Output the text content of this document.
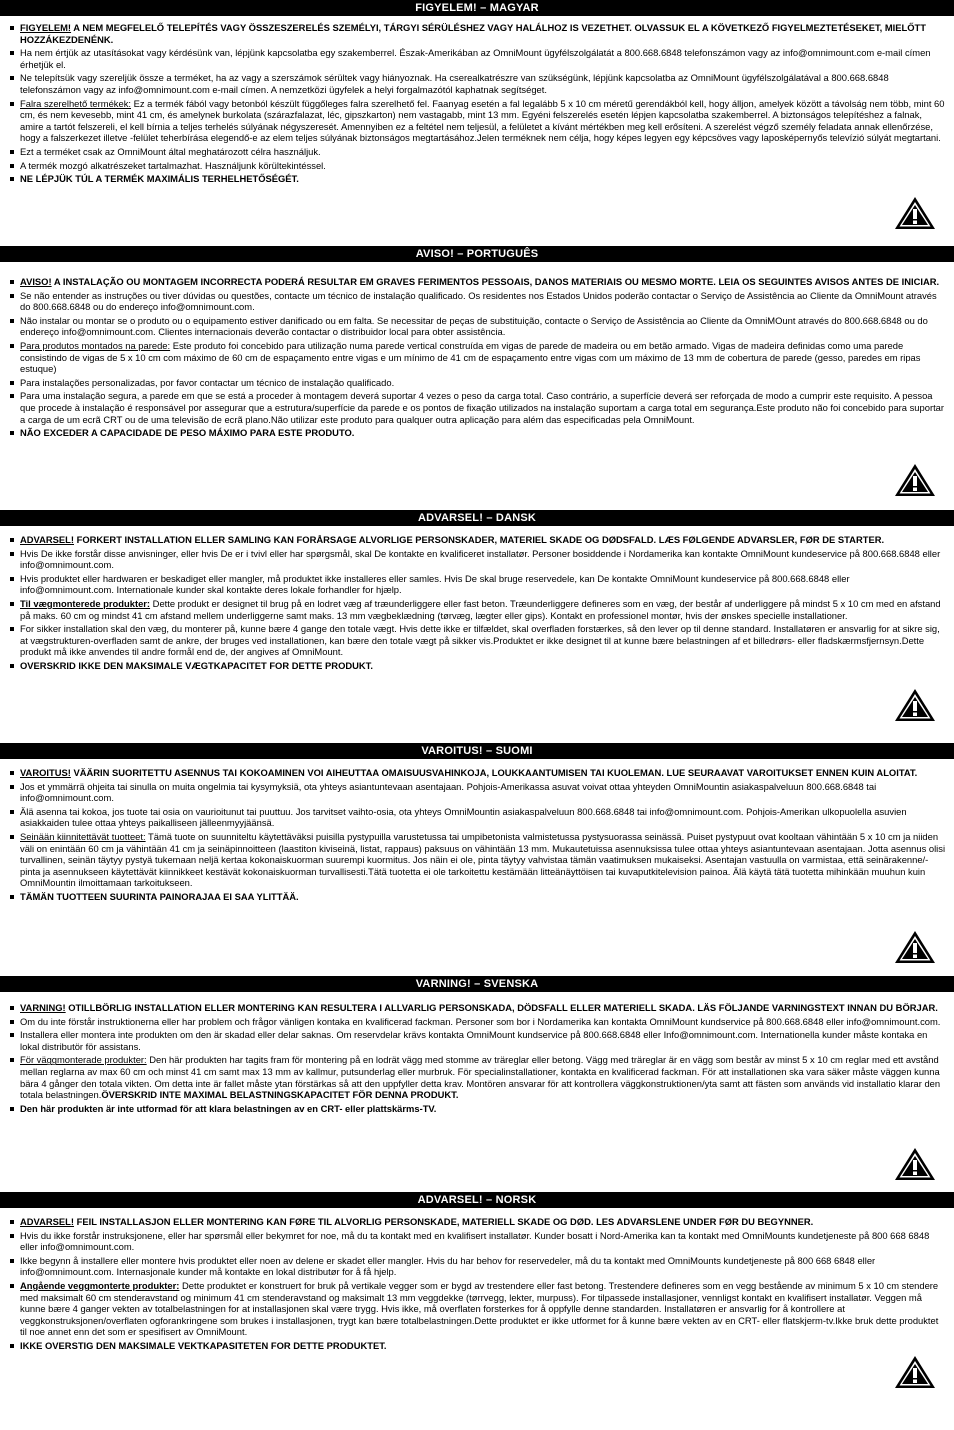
FIGYELEM! – MAGYAR
FIGYELEM! A NEM MEGFELELŐ TELEPÍTÉS VAGY ÖSSZESZERELÉS SZEMÉLYI, TÁRGYI SÉRÜLÉSHEZ VAGY HALÁLHOZ IS VEZETHET. OLVASSUK EL A KÖVETKEZŐ FIGYELMEZTETÉSEKET, MIELŐTT HOZZÁKEZDENÉNK.
Ha nem értjük az utasításokat vagy kérdésünk van, lépjünk kapcsolatba egy szakemberrel. Észak-Amerikában az OmniMount ügyfélszolgálatát a 800.668.6848 telefonszámon vagy az info@omnimount.com e-mail címen érhetjük el.
Ne telepítsük vagy szereljük össze a terméket, ha az vagy a szerszámok sérültek vagy hiányoznak. Ha cserealkatrészre van szükségünk, lépjünk kapcsolatba az OmniMount ügyfélszolgálatával a 800.668.6848 telefonszámon vagy az info@omnimount.com e-mail címen. A nemzetközi ügyfelek a helyi forgalmazótól kaphatnak segítséget.
Falra szerelhető termékek: Ez a termék fából vagy betonból készült függőleges falra szerelhető fel. Faanyag esetén a fal legalább 5 x 10 cm méretű gerendákból kell, hogy álljon, amelyek között a távolság nem több, mint 60 cm, és nem kevesebb, mint 41 cm, és amelynek burkolata (szárazfalazat, léc, gipszkarton) nem vastagabb, mint 13 mm. Egyéni felszerelés esetén lépjen kapcsolatba szakemberrel. A biztonságos telepítéshez a falnak, amire a tartót felszereli, el kell bírnia a teljes terhelés súlyának négyszeresét. Amennyiben ez a feltétel nem teljesül, a felületet a kívánt mértékben meg kell erősíteni. A szerelést végző személy feladata annak ellenőrzése, hogy a falszerkezet illetve -felület teherbírása elegendő-e az elem teljes súlyának biztonságos megtartásához.Jelen terméknek nem célja, hogy képes legyen egy képcsöves vagy laposképernyős televízió súlyát megtartani.
Ezt a terméket csak az OmniMount által meghatározott célra használjuk.
A termék mozgó alkatrészeket tartalmazhat. Használjunk körültekintéssel.
NE LÉPJÜK TÚL A TERMÉK MAXIMÁLIS TERHELHETŐSÉGÉT.
AVISO! – PORTUGUÊS
AVISO! A INSTALAÇÃO OU MONTAGEM INCORRECTA PODERÁ RESULTAR EM GRAVES FERIMENTOS PESSOAIS, DANOS MATERIAIS OU MESMO MORTE. LEIA OS SEGUINTES AVISOS ANTES DE INICIAR.
Se não entender as instruções ou tiver dúvidas ou questões, contacte um técnico de instalação qualificado. Os residentes nos Estados Unidos poderão contactar o Serviço de Assistência ao Cliente da OmniMount através do 800.668.6848 ou do endereço info@omnimount.com.
Não instalar ou montar se o produto ou o equipamento estiver danificado ou em falta. Se necessitar de peças de substituição, contacte o Serviço de Assistência ao Cliente da OmniMOunt através do 800.668.6848 ou do endereço info@omnimount.com. Clientes internacionais deverão contactar o distribuidor local para obter assistência.
Para produtos montados na parede: Este produto foi concebido para utilização numa parede vertical construída em vigas de parede de madeira ou em betão armado. Vigas de madeira definidas como uma parede consistindo de vigas de 5 x 10 cm com máximo de 60 cm de espaçamento entre vigas e um mínimo de 41 cm de espaçamento entre vigas com um máximo de 13 mm de cobertura de parede (gesso, paredes em ripas estuque)
Para instalações personalizadas, por favor contactar um técnico de instalação qualificado.
Para uma instalação segura, a parede em que se está a proceder à montagem deverá suportar 4 vezes o peso da carga total. Caso contrário, a superfície deverá ser reforçada de modo a cumprir este requisito. A pessoa que procede à instalação é responsável por assegurar que a estrutura/superfície da parede e os pontos de fixação utilizados na instalação suportam a carga total em segurança.Este produto não foi concebido para suportar a carga de um ecrã CRT ou de uma televisão de ecrã plano.Não utilizar este produto para qualquer outra aplicação para além das especificadas pela OmniMount.
NÃO EXCEDER A CAPACIDADE DE PESO MÁXIMO PARA ESTE PRODUTO.
ADVARSEL! – DANSK
ADVARSEL! FORKERT INSTALLATION ELLER SAMLING KAN FORÅRSAGE ALVORLIGE PERSONSKADER, MATERIEL SKADE OG DØDSFALD. LÆS FØLGENDE ADVARSLER, FØR DE STARTER.
Hvis De ikke forstår disse anvisninger, eller hvis De er i tvivl eller har spørgsmål, skal De kontakte en kvalificeret installatør. Personer bosiddende i Nordamerika kan kontakte OmniMount kundeservice på 800.668.6848 eller info@omnimount.com.
Hvis produktet eller hardwaren er beskadiget eller mangler, må produktet ikke installeres eller samles. Hvis De skal bruge reservedele, kan De kontakte OmniMount kundeservice på 800.668.6848 eller info@omnimount.com. Internationale kunder skal kontakte deres lokale forhandler for hjælp.
Til vægmonterede produkter: Dette produkt er designet til brug på en lodret væg af træunderliggere eller fast beton. Træunderliggere defineres som en væg, der består af underliggere på mindst 5 x 10 cm med en afstand på maks. 60 cm og mindst 41 cm afstand mellem underliggerne samt maks. 13 mm vægbeklædning (tørvæg, lægter eller gips). Kontakt en professionel montør, hvis der ønskes specielle installationer.
For sikker installation skal den væg, du monterer på, kunne bære 4 gange den totale vægt. Hvis dette ikke er tilfældet, skal overfladen forstærkes, så den lever op til denne standard. Installatøren er ansvarlig for at sikre sig, at vægstrukturen-overfladen samt de ankre, der bruges ved installationen, kan bære den totale vægt på sikker vis.Produktet er ikke designet til at kunne bære belastningen af et billedrørs- eller fladskærmsfjernsyn.Dette produkt må ikke anvendes til andre formål end de, der angives af OmniMount.
OVERSKRID IKKE DEN MAKSIMALE VÆGTKAPACITET FOR DETTE PRODUKT.
VAROITUS! – SUOMI
VAROITUS! VÄÄRIN SUORITETTU ASENNUS TAI KOKOAMINEN VOI AIHEUTTAA OMAISUUSVAHINKOJA, LOUKKAANTUMISEN TAI KUOLEMAN. LUE SEURAAVAT VAROITUKSET ENNEN KUIN ALOITAT.
Jos et ymmärrä ohjeita tai sinulla on muita ongelmia tai kysymyksiä, ota yhteys asiantuntevaan asentajaan. Pohjois-Amerikassa asuvat voivat ottaa yhteyden OmniMountin asiakaspalveluun 800.668.6848 tai info@omnimount.com.
Älä asenna tai kokoa, jos tuote tai osia on vaurioitunut tai puuttuu. Jos tarvitset vaihto-osia, ota yhteys OmniMountin asiakaspalveluun 800.668.6848 tai info@omnimount.com. Pohjois-Amerikan ulkopuolella asuvien asiakkaiden tulee ottaa yhteys paikalliseen jälleenmyyjäänsä.
Seinään kiinnitettävät tuotteet: Tämä tuote on suunniteltu käytettäväksi puisilla pystypuilla varustetussa tai umpibetonista valmistetussa pystysuorassa seinässä. Puiset pystypuut ovat kooltaan vähintään 5 x 10 cm ja niiden väli on enintään 60 cm ja vähintään 41 cm ja seinäpinnoitteen (laastiton kiviseinä, listat, rappaus) paksuus on vähintään 13 mm. Mukautetuissa asennuksissa tulee ottaa yhteys asiantuntevaan asentajaan. Jotta asennus olisi turvallinen, seinän täytyy pystyä tukemaan neljä kertaa kokonaiskuorman suurempi kuormitus. Jos näin ei ole, pinta täytyy vahvistaa tämän vaatimuksen mukaiseksi. Asentajan vastuulla on varmistaa, että seinärakenne/-pinta ja asennukseen käytettävät kiinnikkeet kestävät kokonaiskuorman turvallisesti.Tätä tuotetta ei ole tarkoitettu kestämään litteänäyttöisen tai kuvaputkitelevision painoa. Älä käytä tätä tuotetta mihinkään muuhun kuin OmniMountin ilmoittamaan tarkoitukseen.
TÄMÄN TUOTTEEN SUURINTA PAINORAJAA EI SAA YLITTÄÄ.
VARNING! – SVENSKA
VARNING! OTILLBÖRLIG INSTALLATION ELLER MONTERING KAN RESULTERA I ALLVARLIG PERSONSKADA, DÖDSFALL ELLER MATERIELL SKADA. LÄS FÖLJANDE VARNINGSTEXT INNAN DU BÖRJAR.
Om du inte förstår instruktionerna eller har problem och frågor vänligen kontaka en kvalificerad fackman. Personer som bor i Nordamerika kan kontakta OmniMount kundservice på 800.668.6848 eller info@omnimount.com.
Installera eller montera inte produkten om den är skadad eller delar saknas. Om reservdelar krävs kontakta OmniMount kundservice på 800.668.6848 eller Info@omnimount.com. Internationella kunder måste kontaka en lokal distributör för assistans.
För väggmonterade produkter: Den här produkten har tagits fram för montering på en lodrät vägg med stomme av träreglar eller betong. Vägg med träreglar är en vägg som består av minst 5 x 10 cm reglar med ett avstånd mellan reglarna av max 60 cm och minst 41 cm samt max 13 mm av kallmur, putsunderlag eller murbruk. För specialinstallationer, kontakta en kvalificerad fackman. För att installationen ska vara säker måste väggen kunna bära 4 gånger den totala vikten. Om detta inte är fallet måste ytan förstärkas så att den uppfyller detta krav. Montören ansvarar för att kontrollera väggkonstruktionen/yta samt att fästen som används vid installatio klarar den totala belastningen.ÖVERSKRID INTE MAXIMAL BELASTNINGSKAPACITET FÖR DENNA PRODUKT.
Den här produkten är inte utformad för att klara belastningen av en CRT- eller plattskärms-TV.
ADVARSEL! – NORSK
ADVARSEL! FEIL INSTALLASJON ELLER MONTERING KAN FØRE TIL ALVORLIG PERSONSKADE, MATERIELL SKADE OG DØD. LES ADVARSLENE UNDER FØR DU BEGYNNER.
Hvis du ikke forstår instruksjonene, eller har spørsmål eller bekymret for noe, må du ta kontakt med en kvalifisert installatør. Kunder bosatt i Nord-Amerika kan ta kontakt med OmniMounts kundetjeneste på 800 668 6848 eller info@omnimount.com.
Ikke begynn å installere eller montere hvis produktet eller noen av delene er skadet eller mangler. Hvis du har behov for reservedeler, må du ta kontakt med OmniMounts kundetjeneste på 800 668 6848 eller info@omnimount.com. Internasjonale kunder må kontakte en lokal distributør for å få hjelp.
Angående veggmonterte produkter: Dette produktet er konstruert for bruk på vertikale vegger som er bygd av trestendere eller fast betong. Trestendere defineres som en vegg bestående av minimum 5 x 10 cm stendere med maksimalt 60 cm stenderavstand og minimum 41 cm stenderavstand og maksimalt 13 mm veggdekke (tørrvegg, lekter, murpuss). For tilpassede installasjoner, vennligst kontakt en kvalifisert installatør. Veggen må kunne bære 4 ganger vekten av totalbelastningen for at installasjonen skal være trygg. Hvis ikke, må overflaten forsterkes for å oppfylle denne standarden. Installatøren er ansvarlig for å kontrollere at veggkonstruksjonen/overflaten ogforankringene som brukes i installasjonen, trygt kan bære totalbelastningen.Dette produktet er ikke utformet for å kunne bære vekten av en CRT- eller flatskjerm-tv.Ikke bruk dette produktet til noe annet enn det som er spesifisert av OmniMount.
IKKE OVERSTIG DEN MAKSIMALE VEKTKAPASITETEN FOR DETTE PRODUKTET.
